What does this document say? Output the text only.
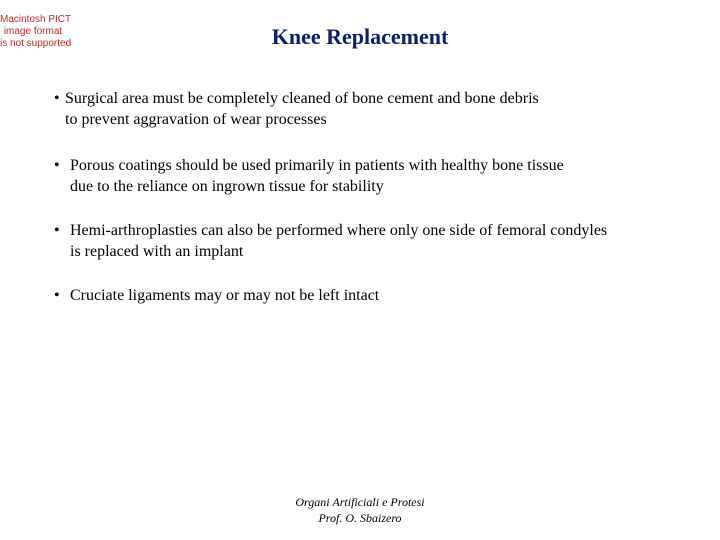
Macintosh PICT
image format
is not supported	Knee Replacement
• Surgical area must be completely cleaned of bone cement and bone debris
to prevent aggravation of wear processes
• Porous coatings should be used primarily in patients with healthy bone tissue
due to the reliance on ingrown tissue for stability
• Hemi-arthroplasties can also be performed where only one side of femoral condyles
is replaced with an implant
• Cruciate ligaments may or may not be left intact
Organi Artificiali e Protesi
Prof. O. Sbaizero
